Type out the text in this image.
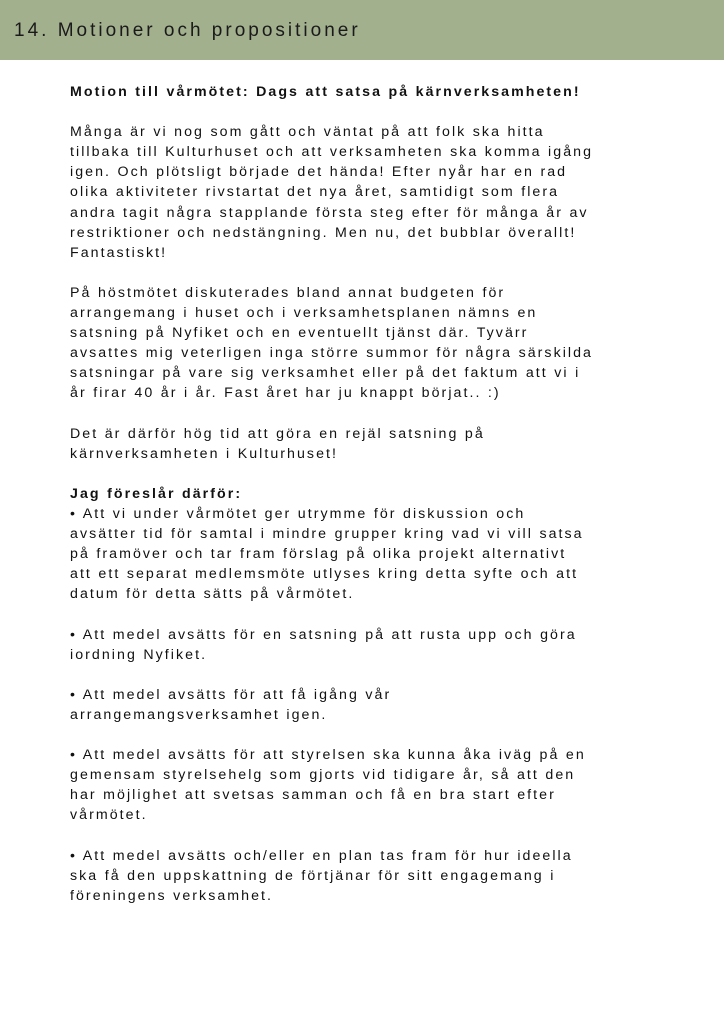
14. Motioner och propositioner

Motion till vårmötet: Dags att satsa på kärnverksamheten!

Många är vi nog som gått och väntat på att folk ska hitta

tillbaka till Kulturhuset och att verksamheten ska komma igång

igen. Och plötsligt började det hända! Efter nyår har en rad

olika aktiviteter rivstartat det nya året, samtidigt som flera

andra tagit några stapplande första steg efter för många år av

restriktioner och nedstängning. Men nu, det bubblar överallt!

Fantastiskt!

På höstmötet diskuterades bland annat budgeten för

arrangemang i huset och i verksamhetsplanen nämns en

satsning på Nyfiket och en eventuellt tjänst där. Tyvärr

avsattes mig veterligen inga större summor för några särskilda

satsningar på vare sig verksamhet eller på det faktum att vi i

år firar 40 år i år. Fast året har ju knappt börjat.. :)

Det är därför hög tid att göra en rejäl satsning på

kärnverksamheten i Kulturhuset!

Jag föreslår därför:

• Att vi under vårmötet ger utrymme för diskussion och

avsätter tid för samtal i mindre grupper kring vad vi vill satsa

på framöver och tar fram förslag på olika projekt alternativt

att ett separat medlemsmöte utlyses kring detta syfte och att

datum för detta sätts på vårmötet.

• Att medel avsätts för en satsning på att rusta upp och göra

iordning Nyfiket.

• Att medel avsätts för att få igång vår

arrangemangsverksamhet igen.

• Att medel avsätts för att styrelsen ska kunna åka iväg på en

gemensam styrelsehelg som gjorts vid tidigare år, så att den

har möjlighet att svetsas samman och få en bra start efter

vårmötet.

• Att medel avsätts och/eller en plan tas fram för hur ideella

ska få den uppskattning de förtjänar för sitt engagemang i

föreningens verksamhet.
